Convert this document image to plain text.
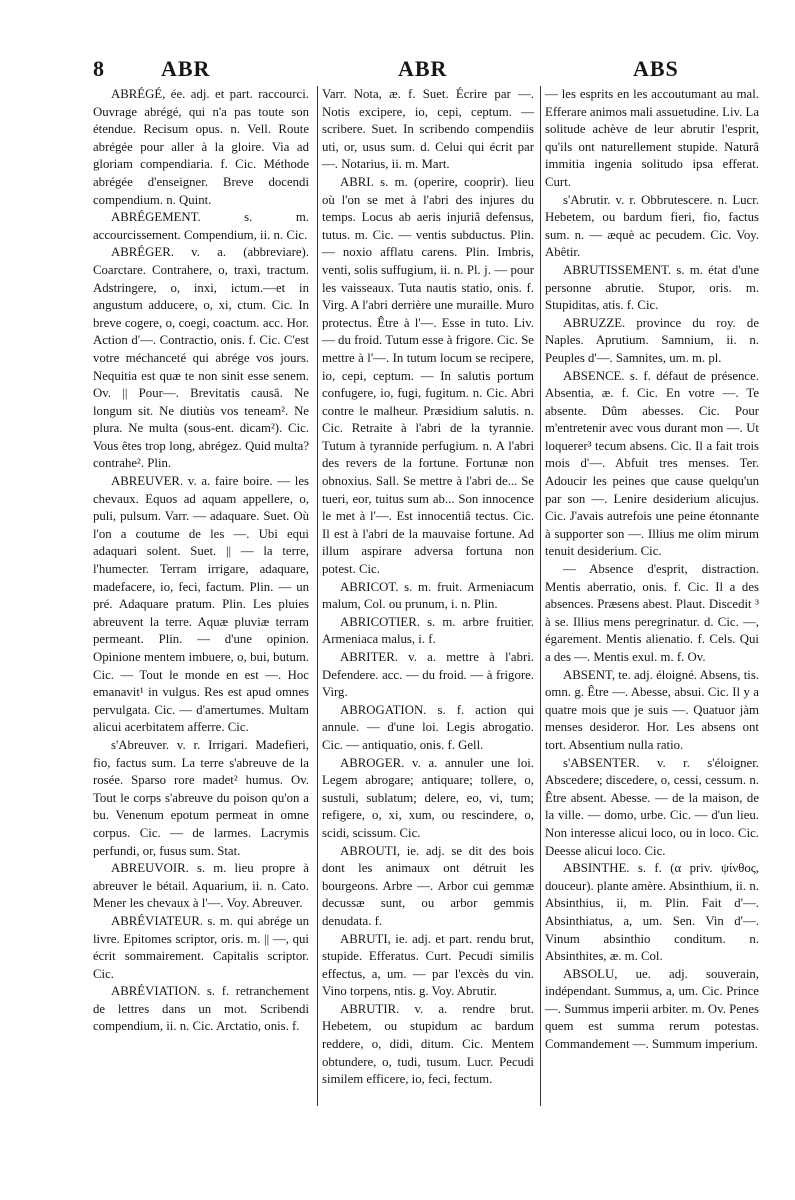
8	ABR	ABR	ABS

ABRÉGÉ, ée. adj. et part. raccourci. Ouvrage abrégé, qui n'a pas toute son étendue. Recisum opus. n. Vell. Route abrégée pour aller à la gloire. Via ad gloriam compendiaria. f. Cic. Méthode abrégée d'enseigner. Breve docendi compendium. n. Quint.

ABRÉGEMENT. s. m. accourcissement. Compendium, ii. n. Cic.

ABRÉGER. v. a. (abbreviare). Coarctare. Contrahere, o, traxi, tractum. Adstringere, o, inxi, ictum.—et in angustum adducere, o, xi, ctum. Cic. In breve cogere, o, coegi, coactum. acc. Hor. Action d'—. Contractio, onis. f. Cic. C'est votre méchanceté qui abrége vos jours. Nequitia est quæ te non sinit esse senem. Ov. || Pour—. Brevitatis causâ. Ne longum sit. Ne diutiùs vos teneam². Ne plura. Ne multa (sous-ent. dicam²). Cic. Vous êtes trop long, abrégez. Quid multa? contrahe². Plin.

ABREUVER. v. a. faire boire. — les chevaux. Equos ad aquam appellere, o, puli, pulsum. Varr. — adaquare. Suet. Où l'on a coutume de les —. Ubi equi adaquari solent. Suet. || — la terre, l'humecter. Terram irrigare, adaquare, madefacere, io, feci, factum. Plin. — un pré. Adaquare pratum. Plin. Les pluies abreuvent la terre. Aquæ pluviæ terram permeant. Plin. — d'une opinion. Opinione mentem imbuere, o, bui, butum. Cic. — Tout le monde en est —. Hoc emanavit¹ in vulgus. Res est apud omnes pervulgata. Cic. — d'amertumes. Multam alicui acerbitatem afferre. Cic.

s'Abreuver. v. r. Irrigari. Madefieri, fio, factus sum. La terre s'abreuve de la rosée. Sparso rore madet² humus. Ov. Tout le corps s'abreuve du poison qu'on a bu. Venenum epotum permeat in omne corpus. Cic. — de larmes. Lacrymis perfundi, or, fusus sum. Stat.

ABREUVOIR. s. m. lieu propre à abreuver le bétail. Aquarium, ii. n. Cato. Mener les chevaux à l'—. Voy. Abreuver.

ABRÉVIATEUR. s. m. qui abrége un livre. Epitomes scriptor, oris. m. || —, qui écrit sommairement. Capitalis scriptor. Cic.

ABRÉVIATION. s. f. retranchement de lettres dans un mot. Scribendi compendium, ii. n. Cic. Arctatio, onis. f.

Varr. Nota, æ. f. Suet. Écrire par —. Notis excipere, io, cepi, ceptum. — scribere. Suet. In scribendo compendiis uti, or, usus sum. d. Celui qui écrit par —. Notarius, ii. m. Mart.

ABRI. s. m. (operire, cooprir). lieu où l'on se met à l'abri des injures du temps. Locus ab aeris injuriâ defensus, tutus. m. Cic. — ventis subductus. Plin. — noxio afflatu carens. Plin. Imbris, venti, solis suffugium, ii. n. Pl. j. — pour les vaisseaux. Tuta nautis statio, onis. f. Virg. A l'abri derrière une muraille. Muro protectus. Être à l'—. Esse in tuto. Liv. — du froid. Tutum esse à frigore. Cic. Se mettre à l'—. In tutum locum se recipere, io, cepi, ceptum. — In salutis portum confugere, io, fugi, fugitum. n. Cic. Abri contre le malheur. Præsidium salutis. n. Cic. Retraite à l'abri de la tyrannie. Tutum à tyrannide perfugium. n. A l'abri des revers de la fortune. Fortunæ non obnoxius. Sall. Se mettre à l'abri de... Se tueri, eor, tuitus sum ab... Son innocence le met à l'—. Est innocentiâ tectus. Cic. Il est à l'abri de la mauvaise fortune. Ad illum aspirare adversa fortuna non potest. Cic.

ABRICOT. s. m. fruit. Armeniacum malum, Col. ou prunum, i. n. Plin.

ABRICOTIER. s. m. arbre fruitier. Armeniaca malus, i. f.

ABRITER. v. a. mettre à l'abri. Defendere. acc. — du froid. — à frigore. Virg.

ABROGATION. s. f. action qui annule. — d'une loi. Legis abrogatio. Cic. — antiquatio, onis. f. Gell.

ABROGER. v. a. annuler une loi. Legem abrogare; antiquare; tollere, o, sustuli, sublatum; delere, eo, vi, tum; refigere, o, xi, xum, ou rescindere, o, scidi, scissum. Cic.

ABROUTI, ie. adj. se dit des bois dont les animaux ont détruit les bourgeons. Arbre —. Arbor cui gemmæ decussæ sunt, ou arbor gemmis denudata. f.

ABRUTI, ie. adj. et part. rendu brut, stupide. Efferatus. Curt. Pecudi similis effectus, a, um. — par l'excès du vin. Vino torpens, ntis. g. Voy. Abrutir.

ABRUTIR. v. a. rendre brut. Hebetem, ou stupidum ac bardum reddere, o, didi, ditum. Cic. Mentem obtundere, o, tudi, tusum. Lucr. Pecudi similem efficere, io, feci, fectum.

— les esprits en les accoutumant au mal. Efferare animos mali assuetudine. Liv. La solitude achève de leur abrutir l'esprit, qu'ils ont naturellement stupide. Naturâ immitia ingenia solitudo ipsa efferat. Curt.

s'Abrutir. v. r. Obbrutescere. n. Lucr. Hebetem, ou bardum fieri, fio, factus sum. n. — æquè ac pecudem. Cic. Voy. Abêtir.

ABRUTISSEMENT. s. m. état d'une personne abrutie. Stupor, oris. m. Stupiditas, atis. f. Cic.

ABRUZZE. province du roy. de Naples. Aprutium. Samnium, ii. n. Peuples d'—. Samnites, um. m. pl.

ABSENCE. s. f. défaut de présence. Absentia, æ. f. Cic. En votre —. Te absente. Dûm abesses. Cic. Pour m'entretenir avec vous durant mon —. Ut loquerer³ tecum absens. Cic. Il a fait trois mois d'—. Abfuit tres menses. Ter. Adoucir les peines que cause quelqu'un par son —. Lenire desiderium alicujus. Cic. J'avais autrefois une peine étonnante à supporter son —. Illius me olim mirum tenuit desiderium. Cic.

— Absence d'esprit, distraction. Mentis aberratio, onis. f. Cic. Il a des absences. Præsens abest. Plaut. Discedit ³ à se. Illius mens peregrinatur. d. Cic. —, égarement. Mentis alienatio. f. Cels. Qui a des —. Mentis exul. m. f. Ov.

ABSENT, te. adj. éloigné. Absens, tis. omn. g. Être —. Abesse, absui. Cic. Il y a quatre mois que je suis —. Quatuor jàm menses desideror. Hor. Les absens ont tort. Absentium nulla ratio.

s'ABSENTER. v. r. s'éloigner. Abscedere; discedere, o, cessi, cessum. n. Être absent. Abesse. — de la maison, de la ville. — domo, urbe. Cic. — d'un lieu. Non interesse alicui loco, ou in loco. Cic. Deesse alicui loco. Cic.

ABSINTHE. s. f. (α priv. ψίνθος, douceur). plante amère. Absinthium, ii. n. Absinthius, ii, m. Plin. Fait d'—. Absinthiatus, a, um. Sen. Vin d'—. Vinum absinthio conditum. n. Absinthites, æ. m. Col.

ABSOLU, ue. adj. souverain, indépendant. Summus, a, um. Cic. Prince —. Summus imperii arbiter. m. Ov. Penes quem est summa rerum potestas. Commandement —. Summum imperium.
